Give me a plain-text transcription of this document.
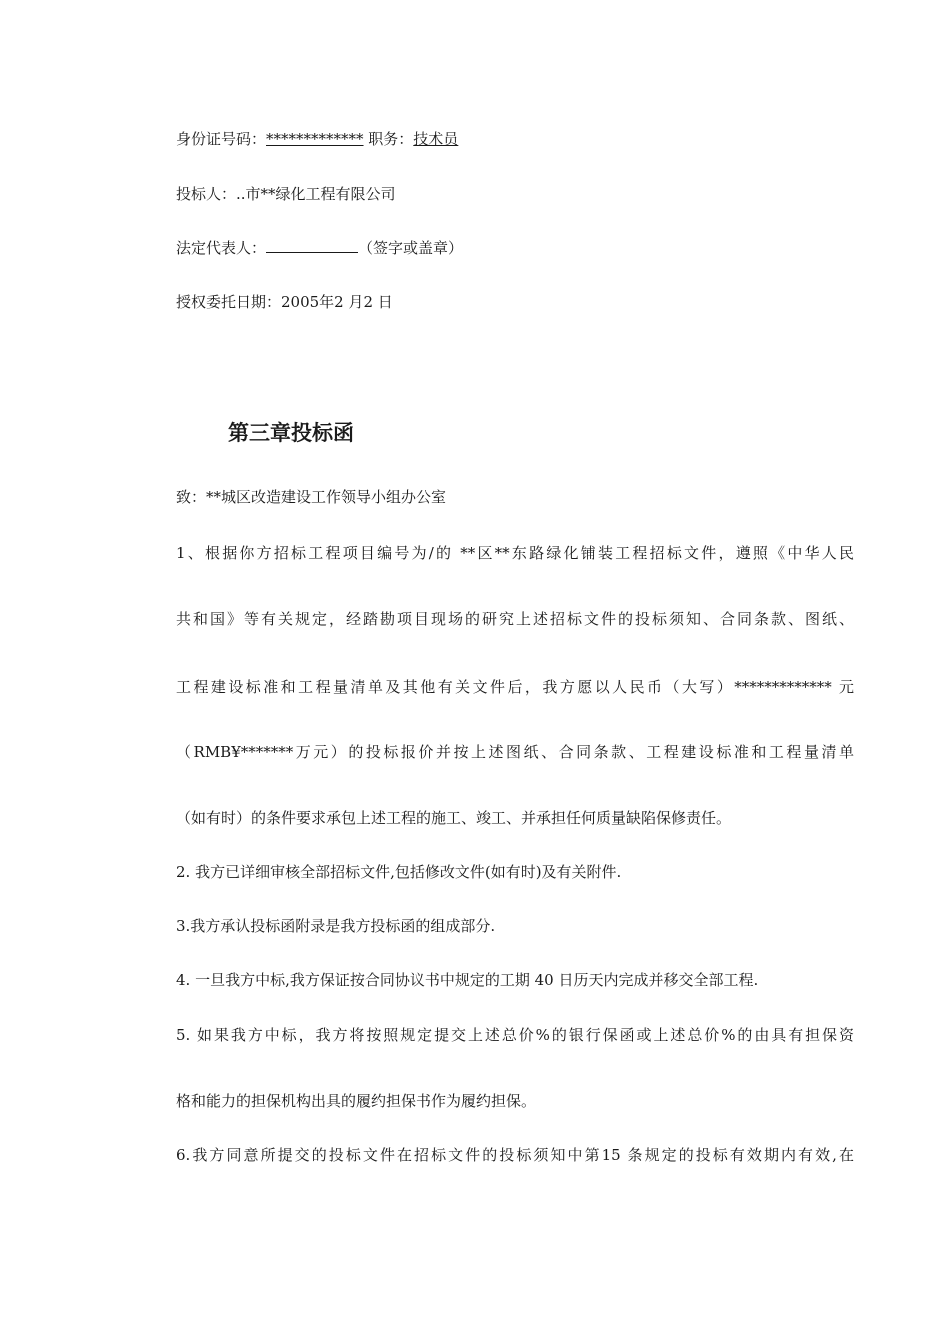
身份证号码：************* 职务：技术员
投标人：..市**绿化工程有限公司
法定代表人：	（签字或盖章）
授权委托日期：2005年2 月2 日
第三章投标函
致：**城区改造建设工作领导小组办公室
1、根据你方招标工程项目编号为/的 **区**东路绿化铺装工程招标文件，遵照《中华人民
共和国》等有关规定，经踏勘项目现场的研究上述招标文件的投标须知、合同条款、图纸、
工程建设标准和工程量清单及其他有关文件后，我方愿以人民币（大写）************* 元
（RMB¥*******万元）的投标报价并按上述图纸、合同条款、工程建设标准和工程量清单
（如有时）的条件要求承包上述工程的施工、竣工、并承担任何质量缺陷保修责任。
2. 我方已详细审核全部招标文件,包括修改文件(如有时)及有关附件.
3.我方承认投标函附录是我方投标函的组成部分.
4. 一旦我方中标,我方保证按合同协议书中规定的工期 40 日历天内完成并移交全部工程.
5. 如果我方中标，我方将按照规定提交上述总价%的银行保函或上述总价%的由具有担保资
格和能力的担保机构出具的履约担保书作为履约担保。
6.我方同意所提交的投标文件在招标文件的投标须知中第15 条规定的投标有效期内有效,在
